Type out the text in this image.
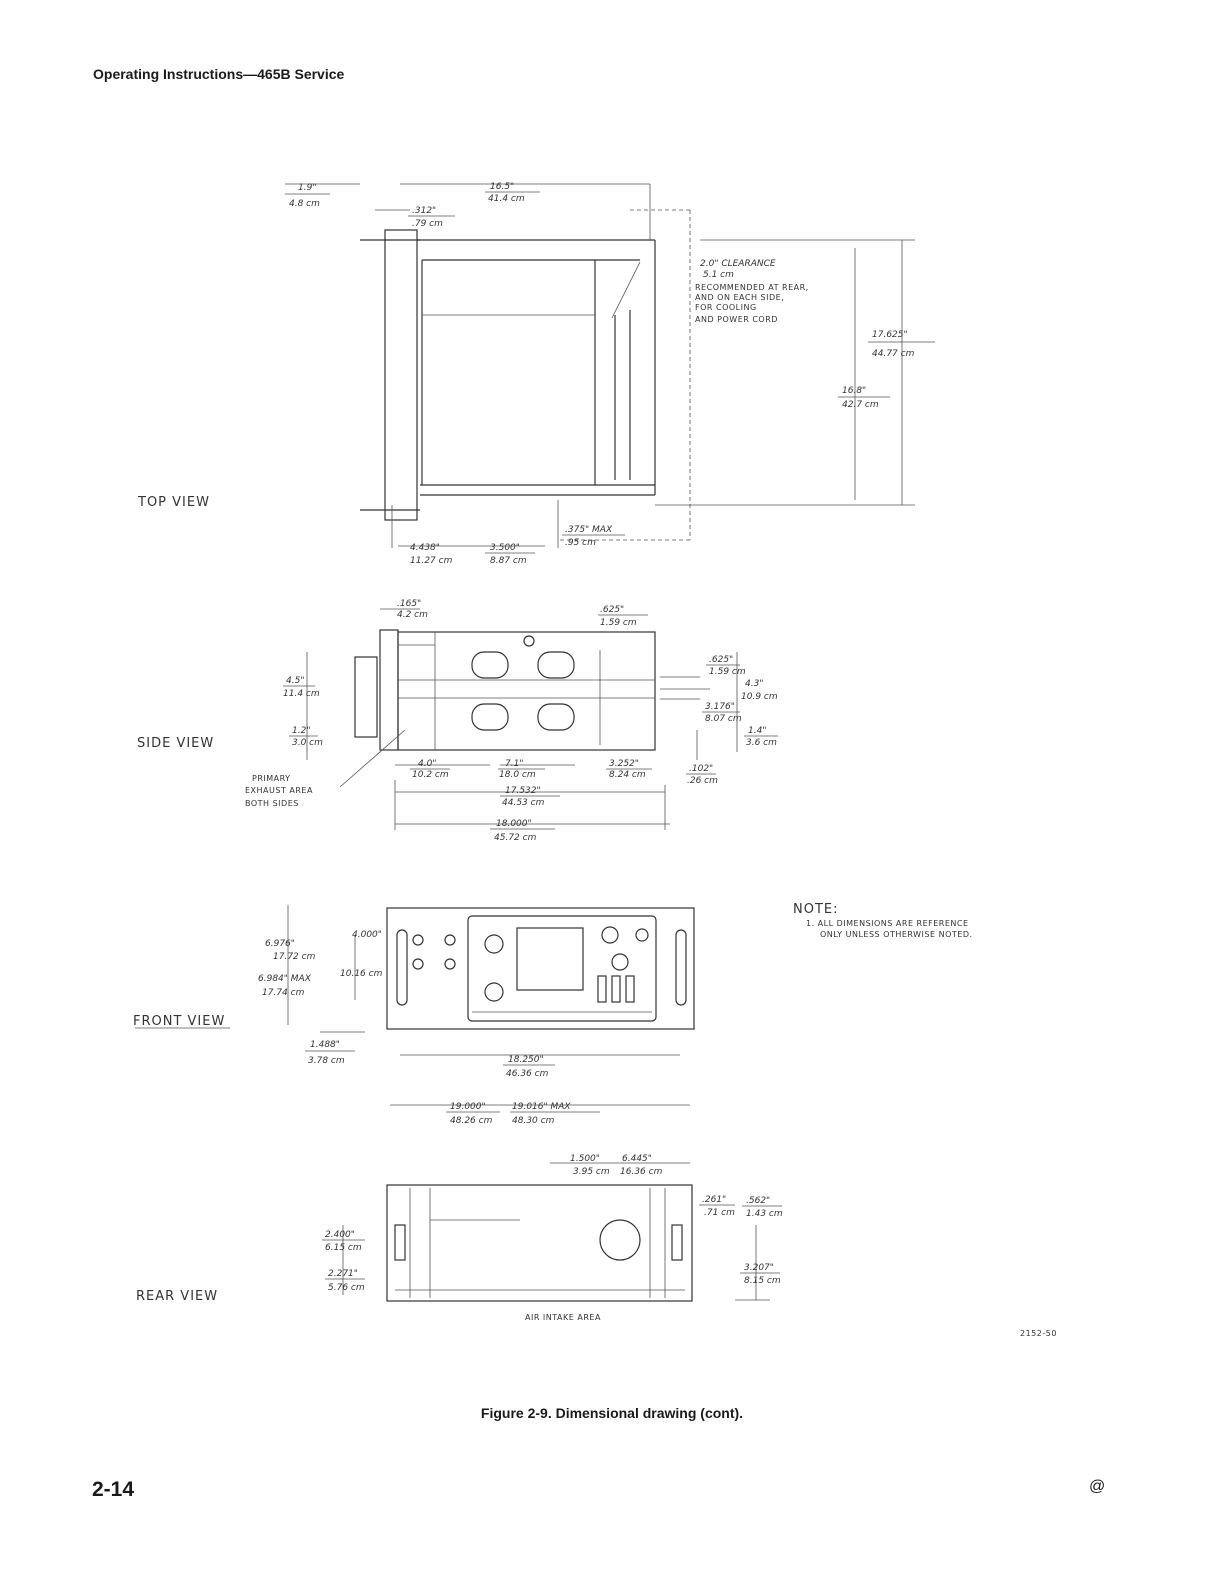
Operating Instructions—465B Service
TOP VIEW
1.9"
4.8 cm
.312"
.79 cm
16.5"
41.4 cm
17.625"
44.77 cm
16.8"
42.7 cm
4.438"
11.27 cm
3.500"
8.87 cm
.375" MAX
.95 cm
2.0" CLEARANCE
5.1 cm
RECOMMENDED AT REAR,
AND ON EACH SIDE,
FOR COOLING
AND POWER CORD
SIDE VIEW
.165"
4.2 cm	.625"
1.59 cm
.625"
1.59 cm
4.3"
10.9 cm
3.176"
8.07 cm
1.4"
3.6 cm
4.5"
11.4 cm
1.2"
3.0 cm
4.0"
10.2 cm
7.1"
18.0 cm
3.252"
8.24 cm
.102"
.26 cm
17.532"
44.53 cm
18.000"
45.72 cm
PRIMARY
EXHAUST AREA
BOTH SIDES
FRONT VIEW
6.976"
17.72 cm
6.984" MAX
17.74 cm
4.000"
10.16 cm
1.488"
3.78 cm	18.250"
46.36 cm
19.000"
48.26 cm
19.016" MAX
48.30 cm
REAR VIEW
1.500"
3.95 cm
6.445"
16.36 cm
.261"
.71 cm
.562"
1.43 cm
3.207"
8.15 cm
2.400"
6.15 cm
2.271"
5.76 cm
AIR INTAKE AREA
NOTE:
1. ALL DIMENSIONS ARE REFERENCE
ONLY UNLESS OTHERWISE NOTED.
2152-50
Figure 2-9. Dimensional drawing (cont).
2-14	@
